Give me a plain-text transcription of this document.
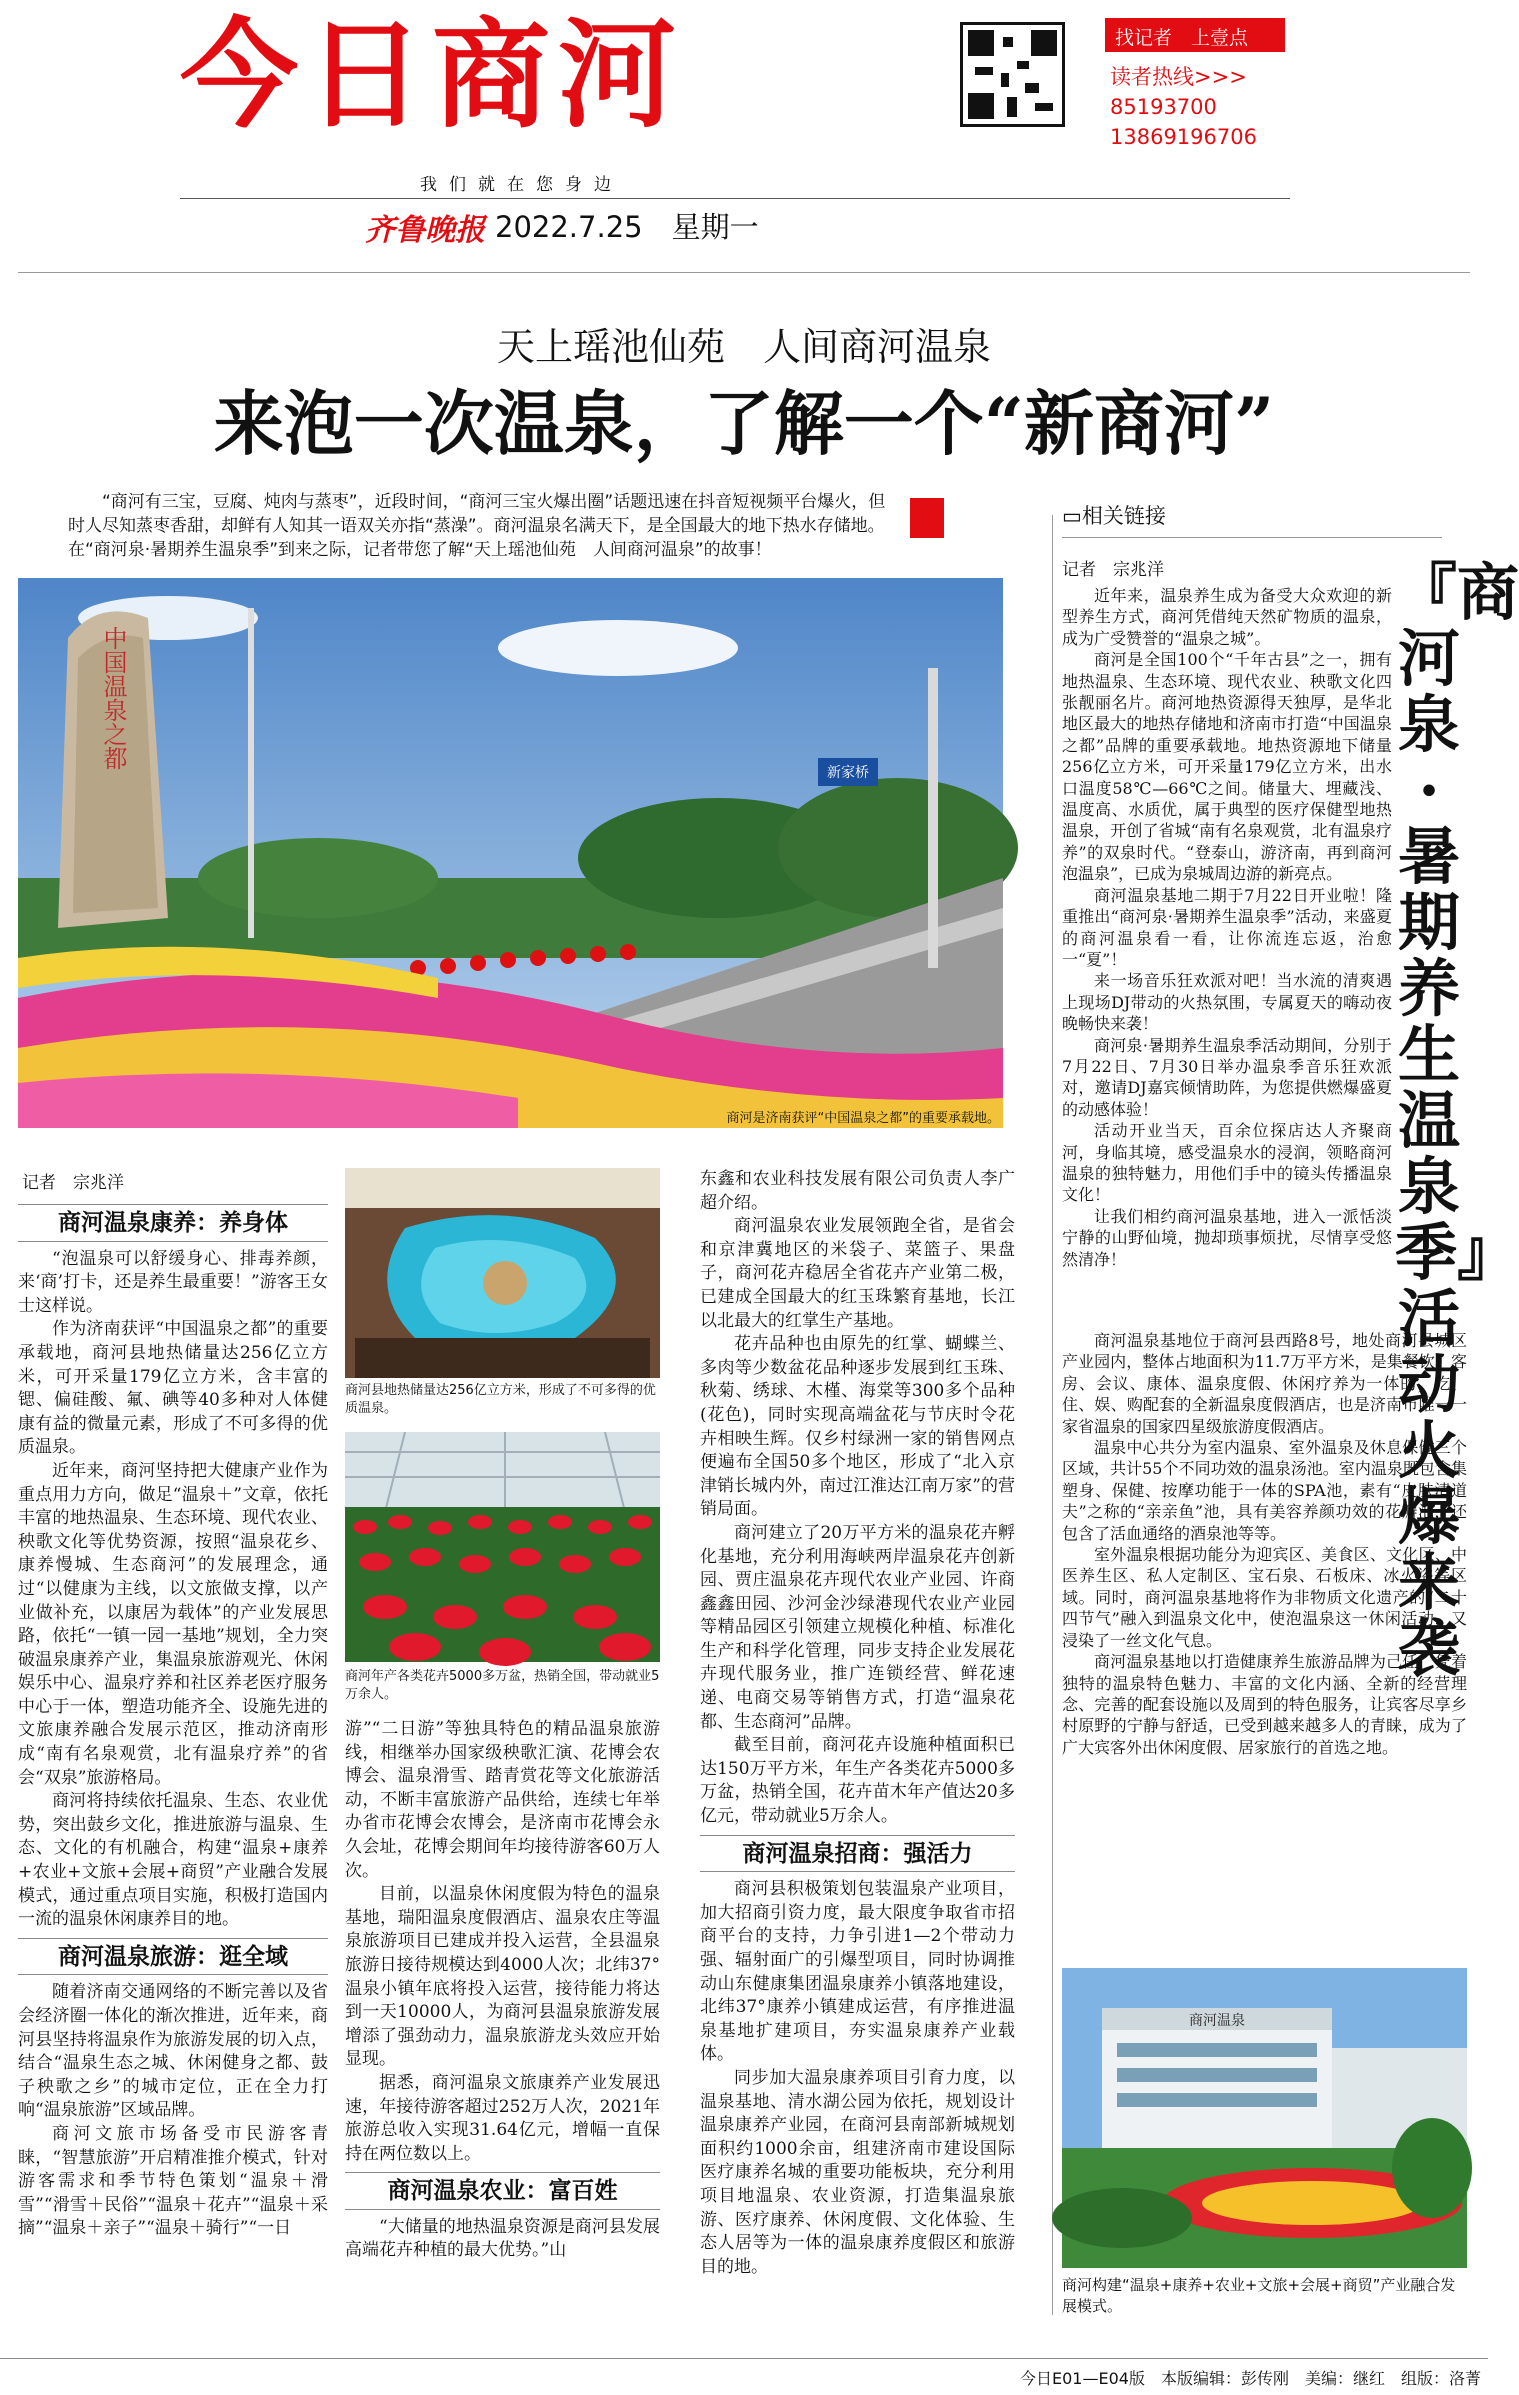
今日商河	找记者　上壹点
读者热线>>>
85193700
13869196706
我们就在您身边
齐鲁晚报 2022.7.25　 星期一
天上瑶池仙苑　人间商河温泉
来泡一次温泉，了解一个“新商河”
“商河有三宝，豆腐、炖肉与蒸枣”，近段时间，“商河三宝火爆出圈”话题迅速在抖音短视频平台爆火，但时人尽知蒸枣香甜，却鲜有人知其一语双关亦指“蒸澡”。商河温泉名满天下，是全国最大的地下热水存储地。在“商河泉·暑期养生温泉季”到来之际，记者带您了解“天上瑶池仙苑　人间商河温泉”的故事！
新家桥
中国温泉之都
商河是济南获评“中国温泉之都”的重要承载地。
记者　宗兆洋
商河温泉康养：养身体

“泡温泉可以舒缓身心、排毒养颜，来‘商’打卡，还是养生最重要！”游客王女士这样说。

作为济南获评“中国温泉之都”的重要承载地，商河县地热储量达256亿立方米，可开采量179亿立方米，含丰富的锶、偏硅酸、氟、碘等40多种对人体健康有益的微量元素，形成了不可多得的优质温泉。

近年来，商河坚持把大健康产业作为重点用力方向，做足“温泉＋”文章，依托丰富的地热温泉、生态环境、现代农业、秧歌文化等优势资源，按照“温泉花乡、康养慢城、生态商河”的发展理念，通过“以健康为主线，以文旅做支撑，以产业做补充，以康居为载体”的产业发展思路，依托“一镇一园一基地”规划，全力突破温泉康养产业，集温泉旅游观光、休闲娱乐中心、温泉疗养和社区养老医疗服务中心于一体，塑造功能齐全、设施先进的文旅康养融合发展示范区，推动济南形成“南有名泉观赏，北有温泉疗养”的省会“双泉”旅游格局。

商河将持续依托温泉、生态、农业优势，突出鼓乡文化，推进旅游与温泉、生态、文化的有机融合，构建“温泉+康养+农业+文旅+会展+商贸”产业融合发展模式，通过重点项目实施，积极打造国内一流的温泉休闲康养目的地。

商河温泉旅游：逛全域

随着济南交通网络的不断完善以及省会经济圈一体化的渐次推进，近年来，商河县坚持将温泉作为旅游发展的切入点，结合“温泉生态之城、休闲健身之都、鼓子秧歌之乡”的城市定位，正在全力打响“温泉旅游”区域品牌。

商河文旅市场备受市民游客青睐，“智慧旅游”开启精准推介模式，针对游客需求和季节特色策划“温泉＋滑雪”“滑雪＋民俗”“温泉＋花卉”“温泉＋采摘”“温泉＋亲子”“温泉＋骑行”“一日

商河县地热储量达256亿立方米，形成了不可多得的优质温泉。
商河年产各类花卉5000多万盆，热销全国，带动就业5万余人。

游”“二日游”等独具特色的精品温泉旅游线，相继举办国家级秧歌汇演、花博会农博会、温泉滑雪、踏青赏花等文化旅游活动，不断丰富旅游产品供给，连续七年举办省市花博会农博会，是济南市花博会永久会址，花博会期间年均接待游客60万人次。

目前，以温泉休闲度假为特色的温泉基地，瑞阳温泉度假酒店、温泉农庄等温泉旅游项目已建成并投入运营，全县温泉旅游日接待规模达到4000人次；北纬37°温泉小镇年底将投入运营，接待能力将达到一天10000人，为商河县温泉旅游发展增添了强劲动力，温泉旅游龙头效应开始显现。

据悉，商河温泉文旅康养产业发展迅速，年接待游客超过252万人次，2021年旅游总收入实现31.64亿元，增幅一直保持在两位数以上。

商河温泉农业：富百姓

“大储量的地热温泉资源是商河县发展高端花卉种植的最大优势。”山

东鑫和农业科技发展有限公司负责人李广超介绍。

商河温泉农业发展领跑全省，是省会和京津冀地区的米袋子、菜篮子、果盘子，商河花卉稳居全省花卉产业第二极，已建成全国最大的红玉珠繁育基地，长江以北最大的红掌生产基地。

花卉品种也由原先的红掌、蝴蝶兰、多肉等少数盆花品种逐步发展到红玉珠、秋菊、绣球、木槿、海棠等300多个品种(花色)，同时实现高端盆花与节庆时令花卉相映生辉。仅乡村绿洲一家的销售网点便遍布全国50多个地区，形成了“北入京津销长城内外，南过江淮达江南万家”的营销局面。

商河建立了20万平方米的温泉花卉孵化基地，充分利用海峡两岸温泉花卉创新园、贾庄温泉花卉现代农业产业园、许商鑫鑫田园、沙河金沙绿港现代农业产业园等精品园区引领建立规模化种植、标准化生产和科学化管理，同步支持企业发展花卉现代服务业，推广连锁经营、鲜花速递、电商交易等销售方式，打造“温泉花都、生态商河”品牌。

截至目前，商河花卉设施种植面积已达150万平方米，年生产各类花卉5000多万盆，热销全国，花卉苗木年产值达20多亿元，带动就业5万余人。

商河温泉招商：强活力

商河县积极策划包装温泉产业项目，加大招商引资力度，最大限度争取省市招商平台的支持，力争引进1—2个带动力强、辐射面广的引爆型项目，同时协调推动山东健康集团温泉康养小镇落地建设，北纬37°康养小镇建成运营，有序推进温泉基地扩建项目，夯实温泉康养产业载体。

同步加大温泉康养项目引育力度，以温泉基地、清水湖公园为依托，规划设计温泉康养产业园，在商河县南部新城规划面积约1000余亩，组建济南市建设国际医疗康养名城的重要功能板块，充分利用项目地温泉、农业资源，打造集温泉旅游、医疗康养、休闲度假、文化体验、生态人居等为一体的温泉康养度假区和旅游目的地。

▭相关链接
记者　宗兆洋	『商河泉·暑期养生温泉季』活动火爆来袭

近年来，温泉养生成为备受大众欢迎的新型养生方式，商河凭借纯天然矿物质的温泉，成为广受赞誉的“温泉之城”。

商河是全国100个“千年古县”之一，拥有地热温泉、生态环境、现代农业、秧歌文化四张靓丽名片。商河地热资源得天独厚，是华北地区最大的地热存储地和济南市打造“中国温泉之都”品牌的重要承载地。地热资源地下储量256亿立方米，可开采量179亿立方米，出水口温度58℃—66℃之间。储量大、埋藏浅、温度高、水质优，属于典型的医疗保健型地热温泉，开创了省城“南有名泉观赏，北有温泉疗养”的双泉时代。“登泰山，游济南，再到商河泡温泉”，已成为泉城周边游的新亮点。

商河温泉基地二期于7月22日开业啦！隆重推出“商河泉·暑期养生温泉季”活动，来盛夏的商河温泉看一看，让你流连忘返，治愈一“夏”！

来一场音乐狂欢派对吧！当水流的清爽遇上现场DJ带动的火热氛围，专属夏天的嗨动夜晚畅快来袭！

商河泉·暑期养生温泉季活动期间，分别于7月22日、7月30日举办温泉季音乐狂欢派对，邀请DJ嘉宾倾情助阵，为您提供燃爆盛夏的动感体验！

活动开业当天，百余位探店达人齐聚商河，身临其境，感受温泉水的浸润，领略商河温泉的独特魅力，用他们手中的镜头传播温泉文化！

让我们相约商河温泉基地，进入一派恬淡宁静的山野仙境，抛却琐事烦扰，尽情享受悠然清净！

商河温泉基地位于商河县西路8号，地处商河县城区产业园内，整体占地面积为11.7万平方米，是集餐饮、客房、会议、康体、温泉度假、休闲疗养为一体的，吃、住、娱、购配套的全新温泉度假酒店，也是济南市唯一一家省温泉的国家四星级旅游度假酒店。

温泉中心共分为室内温泉、室外温泉及休息保健三个区域，共计55个不同功效的温泉汤池。室内温泉既包含集塑身、保健、按摩功能于一体的SPA池，素有“皮肤清道夫”之称的“亲亲鱼”池，具有美容养颜功效的花瓣池，还包含了活血通络的酒泉池等等。

室外温泉根据功能分为迎宾区、美食区、文化区、中医养生区、私人定制区、宝石泉、石板床、冰火浴等区域。同时，商河温泉基地将作为非物质文化遗产的“二十四节气”融入到温泉文化中，使泡温泉这一休闲活动，又浸染了一丝文化气息。

商河温泉基地以打造健康养生旅游品牌为己任，凭着独特的温泉特色魅力、丰富的文化内涵、全新的经营理念、完善的配套设施以及周到的特色服务，让宾客尽享乡村原野的宁静与舒适，已受到越来越多人的青睐，成为了广大宾客外出休闲度假、居家旅行的首选之地。

商河温泉
商河构建“温泉+康养+农业+文旅+会展+商贸”产业融合发展模式。
今日E01—E04版　本版编辑：彭传刚　美编：继红　组版：洛菁
